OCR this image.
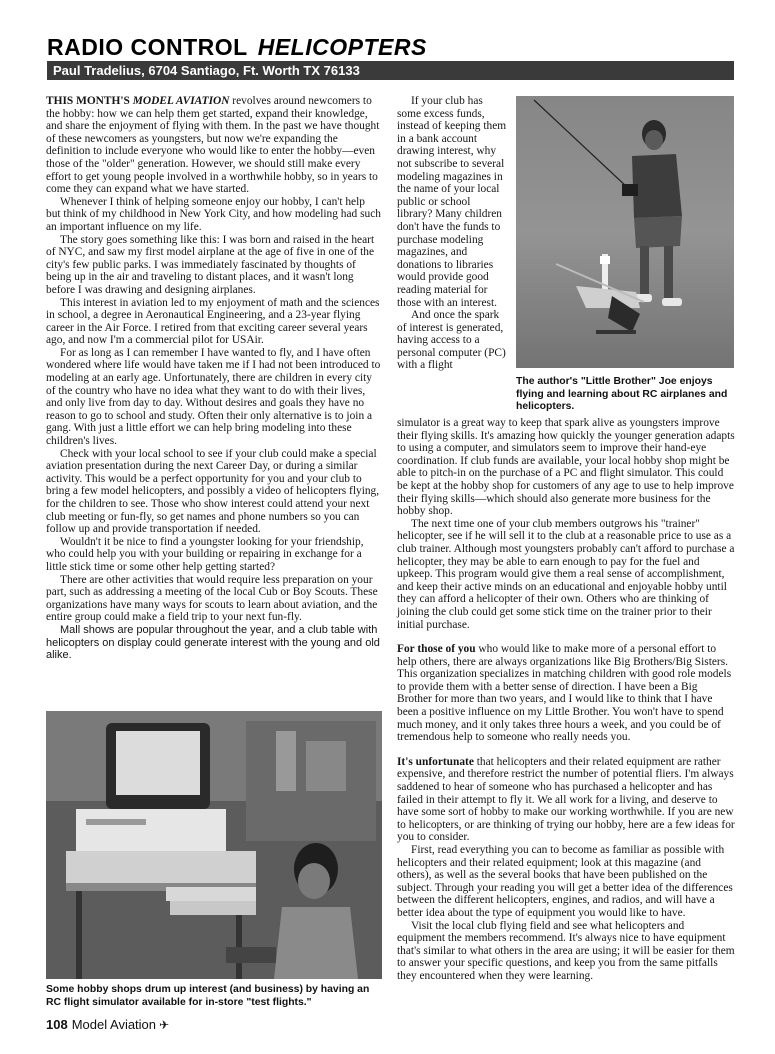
RADIO CONTROL HELICOPTERS
Paul Tradelius, 6704 Santiago, Ft. Worth TX 76133

THIS MONTH'S MODEL AVIATION revolves around newcomers to the hobby: how we can help them get started, expand their knowledge, and share the enjoyment of flying with them. In the past we have thought of these newcomers as youngsters, but now we're expanding the definition to include everyone who would like to enter the hobby—even those of the "older" generation. However, we should still make every effort to get young people involved in a worthwhile hobby, so in years to come they can expand what we have started.

Whenever I think of helping someone enjoy our hobby, I can't help but think of my childhood in New York City, and how modeling had such an important influence on my life.

The story goes something like this: I was born and raised in the heart of NYC, and saw my first model airplane at the age of five in one of the city's few public parks. I was immediately fascinated by thoughts of being up in the air and traveling to distant places, and it wasn't long before I was drawing and designing airplanes.

This interest in aviation led to my enjoyment of math and the sciences in school, a degree in Aeronautical Engineering, and a 23-year flying career in the Air Force. I retired from that exciting career several years ago, and now I'm a commercial pilot for USAir.

For as long as I can remember I have wanted to fly, and I have often wondered where life would have taken me if I had not been introduced to modeling at an early age. Unfortunately, there are children in every city of the country who have no idea what they want to do with their lives, and only live from day to day. Without desires and goals they have no reason to go to school and study. Often their only alternative is to join a gang. With just a little effort we can help bring modeling into these children's lives.

Check with your local school to see if your club could make a special aviation presentation during the next Career Day, or during a similar activity. This would be a perfect opportunity for you and your club to bring a few model helicopters, and possibly a video of helicopters flying, for the children to see. Those who show interest could attend your next club meeting or fun-fly, so get names and phone numbers so you can follow up and provide transportation if needed.

Wouldn't it be nice to find a youngster looking for your friendship, who could help you with your building or repairing in exchange for a little stick time or some other help getting started?

There are other activities that would require less preparation on your part, such as addressing a meeting of the local Cub or Boy Scouts. These organizations have many ways for scouts to learn about aviation, and the entire group could make a field trip to your next fun-fly.

Mall shows are popular throughout the year, and a club table with helicopters on display could generate interest with the young and old alike.

If your club has some excess funds, instead of keeping them in a bank account drawing interest, why not subscribe to several modeling magazines in the name of your local public or school library? Many children don't have the funds to purchase modeling magazines, and donations to libraries would provide good reading material for those with an interest.

And once the spark of interest is generated, having access to a personal computer (PC) with a flight

The author's "Little Brother" Joe enjoys flying and learning about RC airplanes and helicopters.

simulator is a great way to keep that spark alive as youngsters improve their flying skills. It's amazing how quickly the younger generation adapts to using a computer, and simulators seem to improve their hand-eye coordination. If club funds are available, your local hobby shop might be able to pitch-in on the purchase of a PC and flight simulator. This could be kept at the hobby shop for customers of any age to use to help improve their flying skills—which should also generate more business for the hobby shop.

The next time one of your club members outgrows his "trainer" helicopter, see if he will sell it to the club at a reasonable price to use as a club trainer. Although most youngsters probably can't afford to purchase a helicopter, they may be able to earn enough to pay for the fuel and upkeep. This program would give them a real sense of accomplishment, and keep their active minds on an educational and enjoyable hobby until they can afford a helicopter of their own. Others who are thinking of joining the club could get some stick time on the trainer prior to their initial purchase.

For those of you who would like to make more of a personal effort to help others, there are always organizations like Big Brothers/Big Sisters. This organization specializes in matching children with good role models to provide them with a better sense of direction. I have been a Big Brother for more than two years, and I would like to think that I have been a positive influence on my Little Brother. You won't have to spend much money, and it only takes three hours a week, and you could be of tremendous help to someone who really needs you.

It's unfortunate that helicopters and their related equipment are rather expensive, and therefore restrict the number of potential fliers. I'm always saddened to hear of someone who has purchased a helicopter and has failed in their attempt to fly it. We all work for a living, and deserve to have some sort of hobby to make our working worthwhile. If you are new to helicopters, or are thinking of trying our hobby, here are a few ideas for you to consider.

First, read everything you can to become as familiar as possible with helicopters and their related equipment; look at this magazine (and others), as well as the several books that have been published on the subject. Through your reading you will get a better idea of the differences between the different helicopters, engines, and radios, and will have a better idea about the type of equipment you would like to have.

Visit the local club flying field and see what helicopters and equipment the members recommend. It's always nice to have equipment that's similar to what others in the area are using; it will be easier for them to answer your specific questions, and keep you from the same pitfalls they encountered when they were learning.

Some hobby shops drum up interest (and business) by having an RC flight simulator available for in-store "test flights."
108 Model Aviation ✈
